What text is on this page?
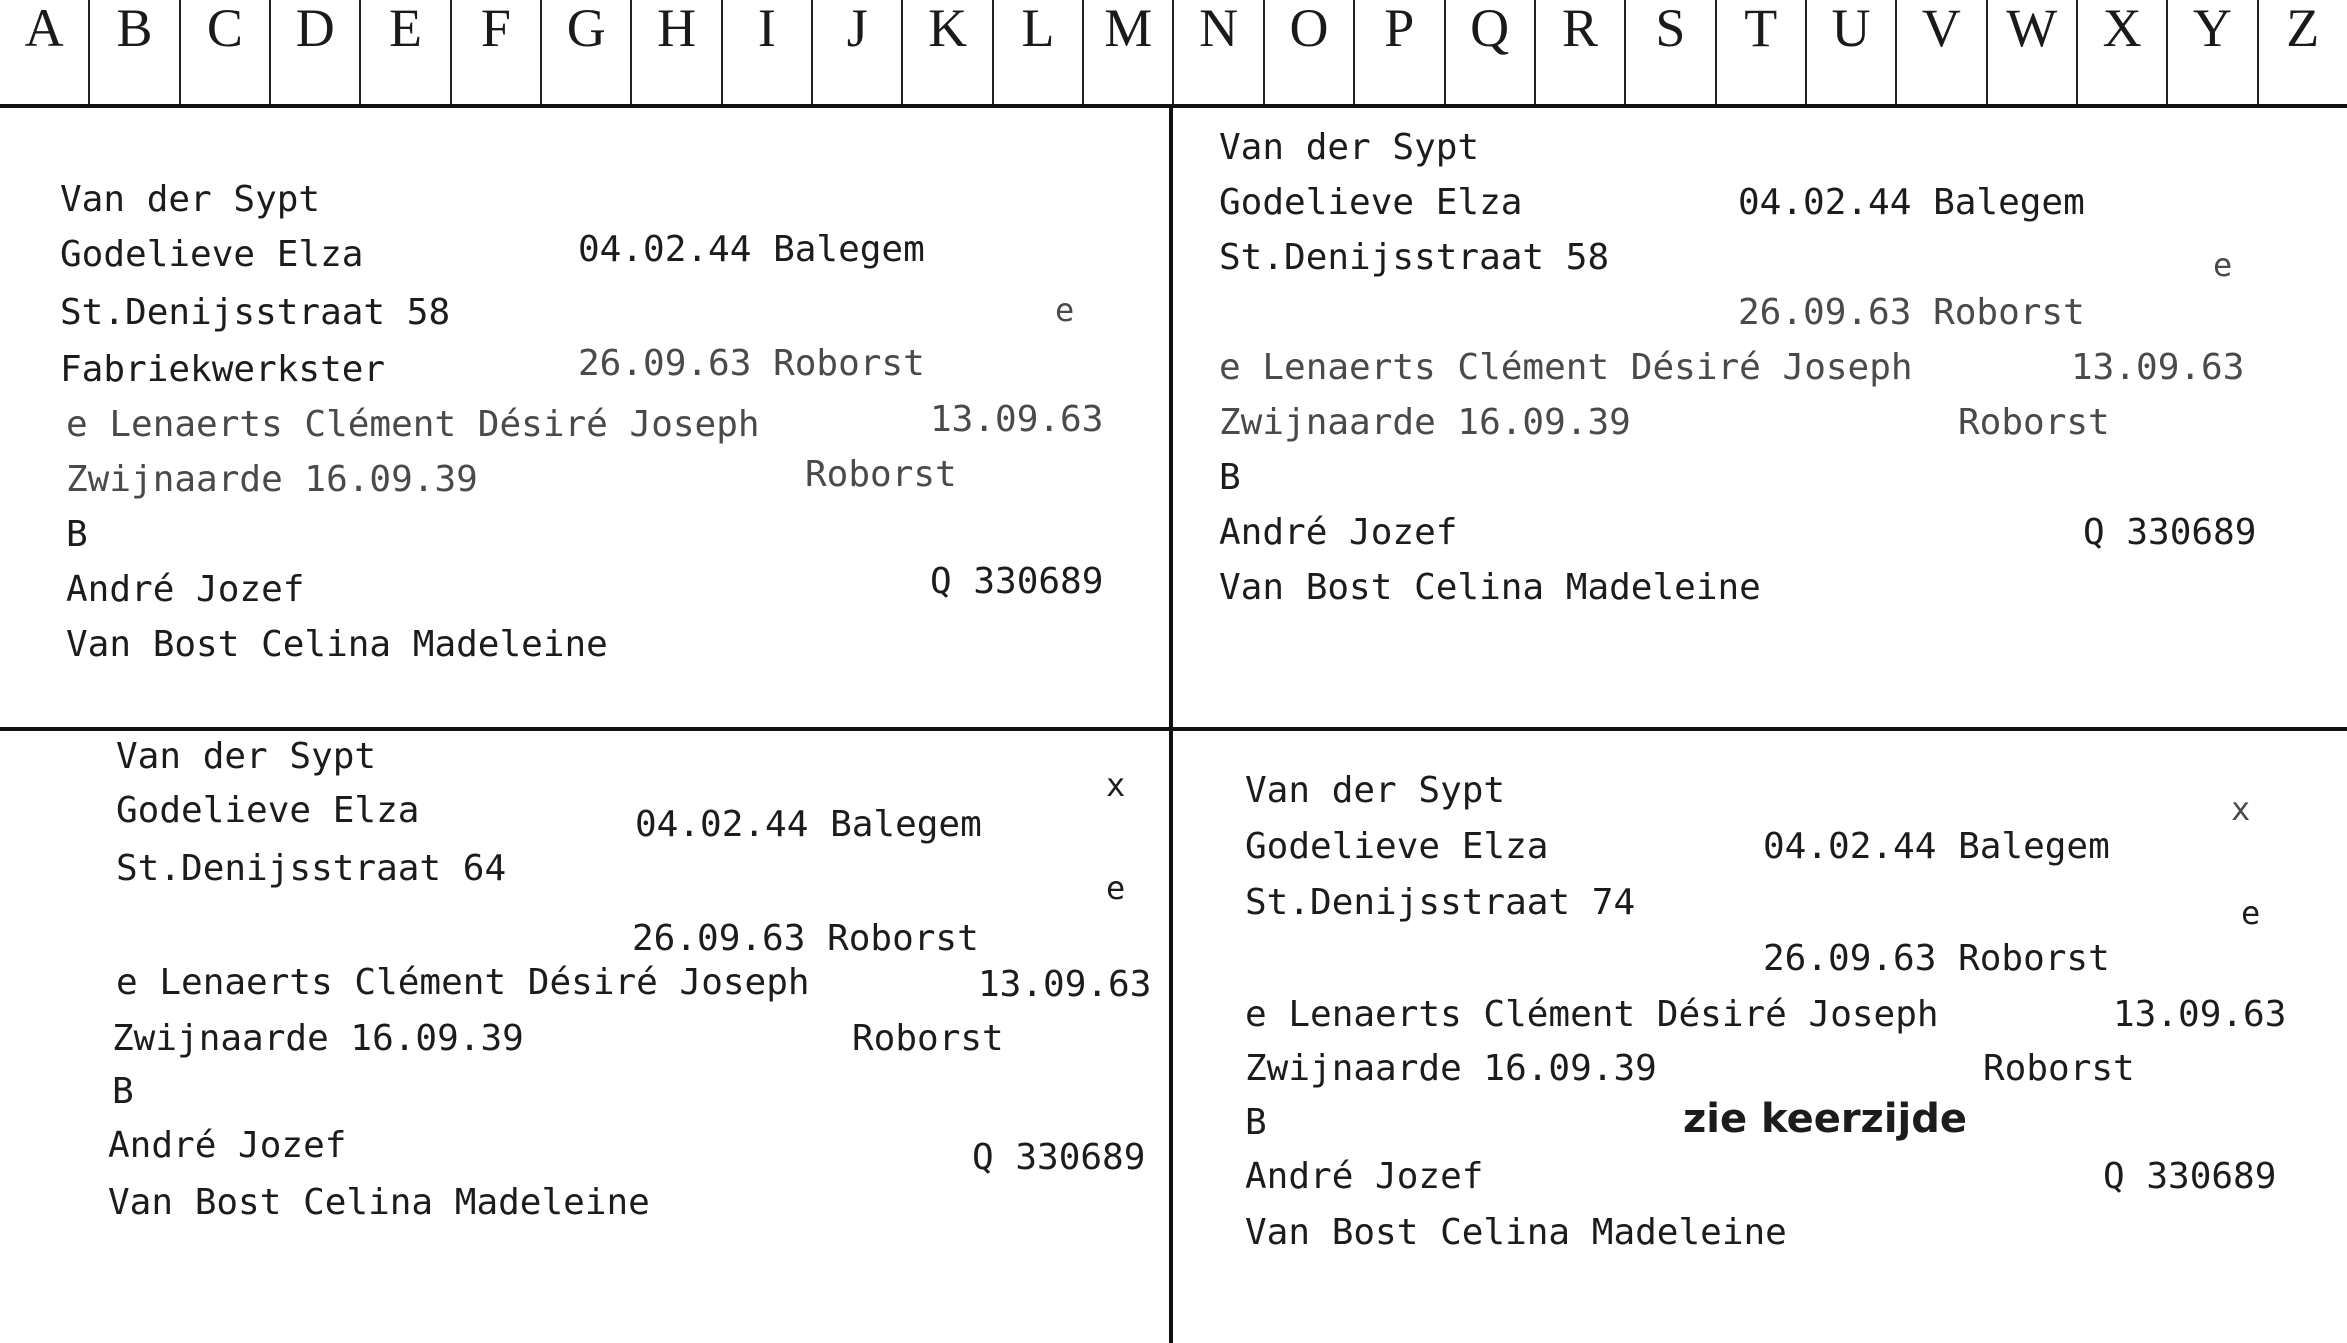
A B	C D	E	F	G H	I	J	K	L M N O	P	Q R	S	T	U V W X Y	Z
Van der Sypt
Godelieve Elza	04.02.44 Balegem
St.Denijsstraat 58	e
Fabriekwerkster	26.09.63 Roborst
e Lenaerts Clément Désiré Joseph	13.09.63
Zwijnaarde 16.09.39	Roborst
B
André Jozef	Q 330689
Van Bost Celina Madeleine
Van der Sypt
Godelieve Elza	04.02.44 Balegem
St.Denijsstraat 58	e
26.09.63 Roborst
e Lenaerts Clément Désiré Joseph	13.09.63
Zwijnaarde 16.09.39	Roborst
B
André Jozef	Q 330689
Van Bost Celina Madeleine
Van der Sypt
x
Godelieve Elza	04.02.44 Balegem
St.Denijsstraat 64	e
26.09.63 Roborst
e Lenaerts Clément Désiré Joseph	13.09.63
Zwijnaarde 16.09.39	Roborst
B
André Jozef	Q 330689
Van Bost Celina Madeleine
Van der Sypt	x
Godelieve Elza	04.02.44 Balegem
St.Denijsstraat 74	e
26.09.63 Roborst
e Lenaerts Clément Désiré Joseph	13.09.63
Zwijnaarde 16.09.39	Roborst
B	zie keerzijde
André Jozef	Q 330689
Van Bost Celina Madeleine
